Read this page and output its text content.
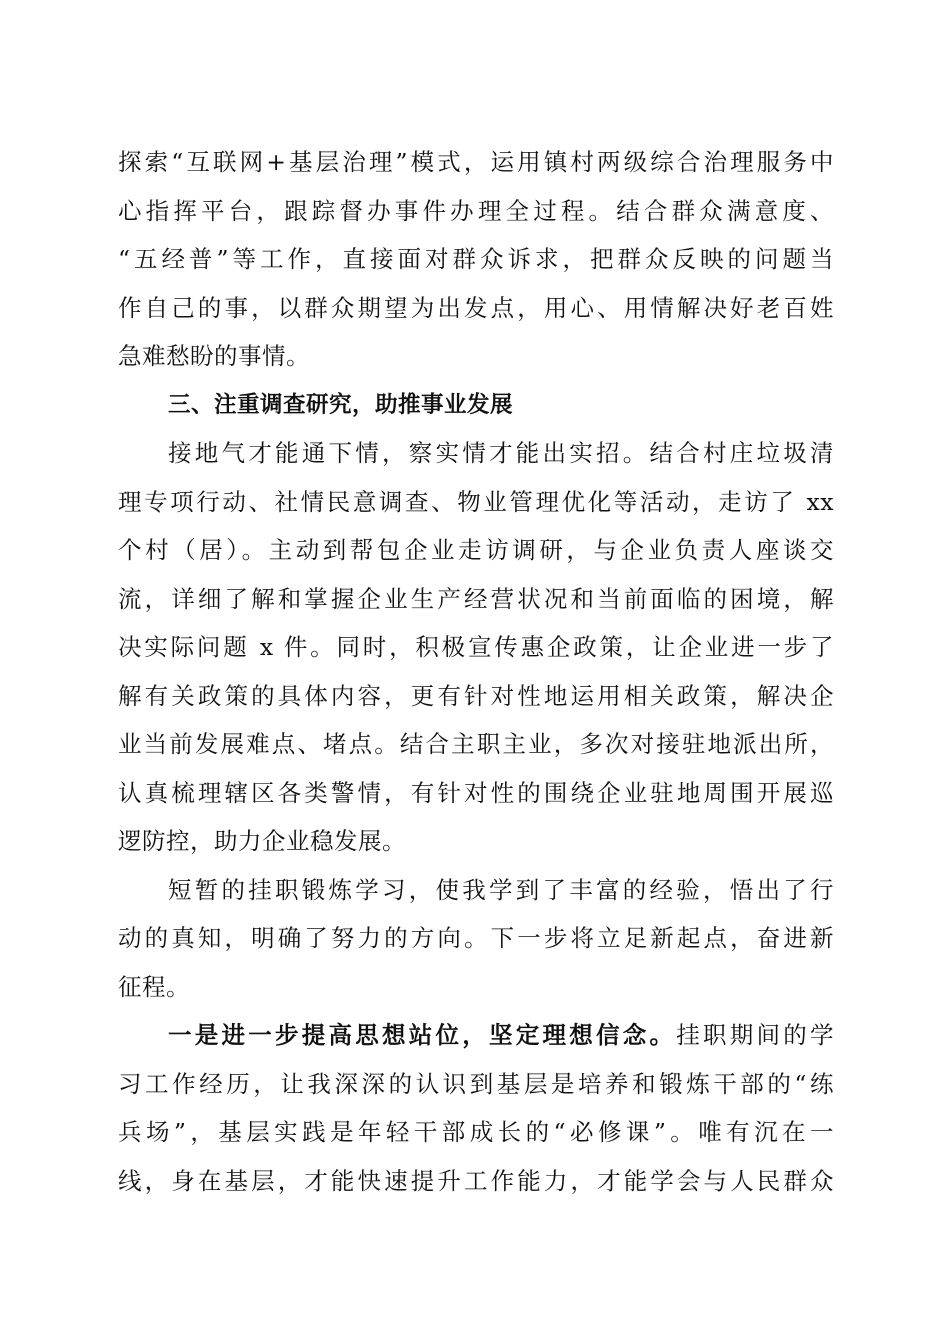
探索“互联网+基层治理”模式，运用镇村两级综合治理服务中
心指挥平台，跟踪督办事件办理全过程。结合群众满意度、
“五经普”等工作，直接面对群众诉求，把群众反映的问题当
作自己的事，以群众期望为出发点，用心、用情解决好老百姓
急难愁盼的事情。
三、注重调查研究，助推事业发展
接地气才能通下情，察实情才能出实招。结合村庄垃圾清
理专项行动、社情民意调查、物业管理优化等活动，走访了 xx
个村（居）。主动到帮包企业走访调研，与企业负责人座谈交
流，详细了解和掌握企业生产经营状况和当前面临的困境，解
决实际问题 x 件。同时，积极宣传惠企政策，让企业进一步了
解有关政策的具体内容，更有针对性地运用相关政策，解决企
业当前发展难点、堵点。结合主职主业，多次对接驻地派出所，
认真梳理辖区各类警情，有针对性的围绕企业驻地周围开展巡
逻防控，助力企业稳发展。
短暂的挂职锻炼学习，使我学到了丰富的经验，悟出了行
动的真知，明确了努力的方向。下一步将立足新起点，奋进新
征程。
一是进一步提高思想站位，坚定理想信念。挂职期间的学
习工作经历，让我深深的认识到基层是培养和锻炼干部的“练
兵场”，基层实践是年轻干部成长的“必修课”。唯有沉在一
线，身在基层，才能快速提升工作能力，才能学会与人民群众
